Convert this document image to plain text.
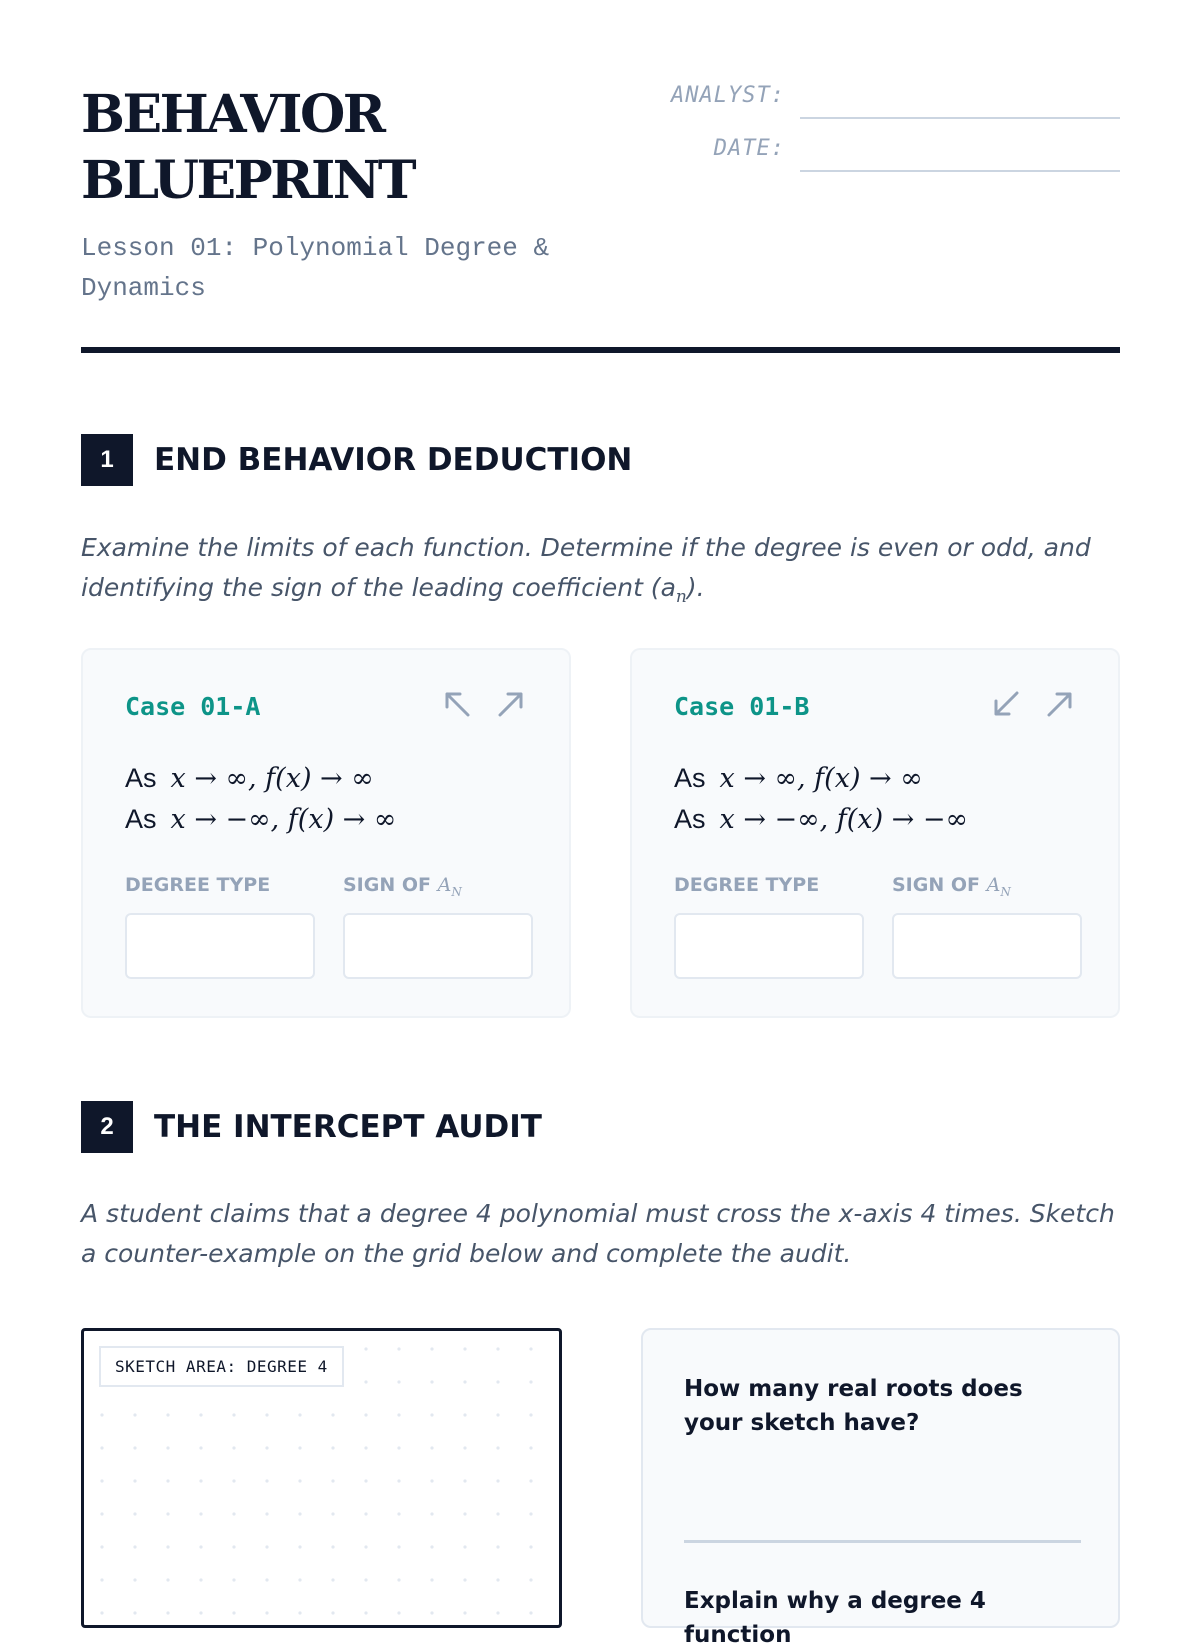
BEHAVIOR
BLUEPRINT
Lesson 01: Polynomial Degree & Dynamics
ANALYST:
DATE:
1	END BEHAVIOR DEDUCTION

Examine the limits of each function. Determine if the degree is even or odd, and identifying the sign of the leading coefficient $(a_n)$.

Case 01-A
As x → ∞, f(x) → ∞
As x → −∞, f(x) → ∞
DEGREE TYPE	SIGN OF $A_N$
Case 01-B
As x → ∞, f(x) → ∞
As x → −∞, f(x) → −∞
DEGREE TYPE	SIGN OF $A_N$
2	THE INTERCEPT AUDIT

A student claims that a degree 4 polynomial must cross the x-axis 4 times. Sketch a counter-example on the grid below and complete the audit.

SKETCH AREA: DEGREE 4

How many real roots does your sketch have?

Explain why a degree 4 function
